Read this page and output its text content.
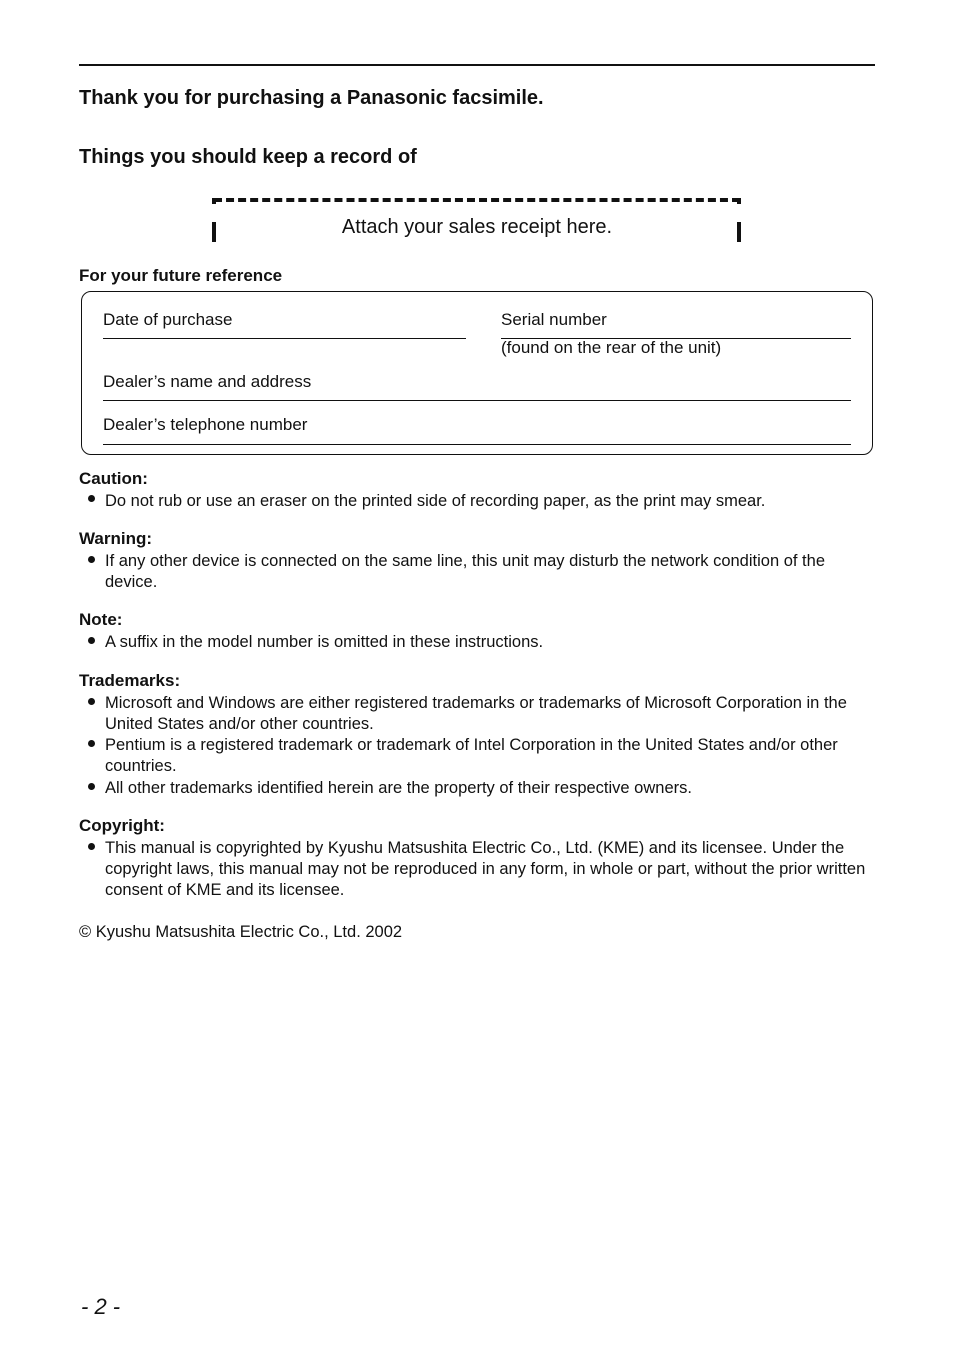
Thank you for purchasing a Panasonic facsimile.
Things you should keep a record of
Attach your sales receipt here.
For your future reference
Date of purchase	Serial number
(found on the rear of the unit)
Dealer’s name and address
Dealer’s telephone number
Caution:
Do not rub or use an eraser on the printed side of recording paper, as the print may smear.
Warning:
If any other device is connected on the same line, this unit may disturb the network condition of the device.
Note:
A suffix in the model number is omitted in these instructions.
Trademarks:
Microsoft and Windows are either registered trademarks or trademarks of Microsoft Corporation in the United States and/or other countries.
Pentium is a registered trademark or trademark of Intel Corporation in the United States and/or other countries.
All other trademarks identified herein are the property of their respective owners.
Copyright:
This manual is copyrighted by Kyushu Matsushita Electric Co., Ltd. (KME) and its licensee. Under the copyright laws, this manual may not be reproduced in any form, in whole or part, without the prior written consent of KME and its licensee.
© Kyushu Matsushita Electric Co., Ltd. 2002
- 2 -
